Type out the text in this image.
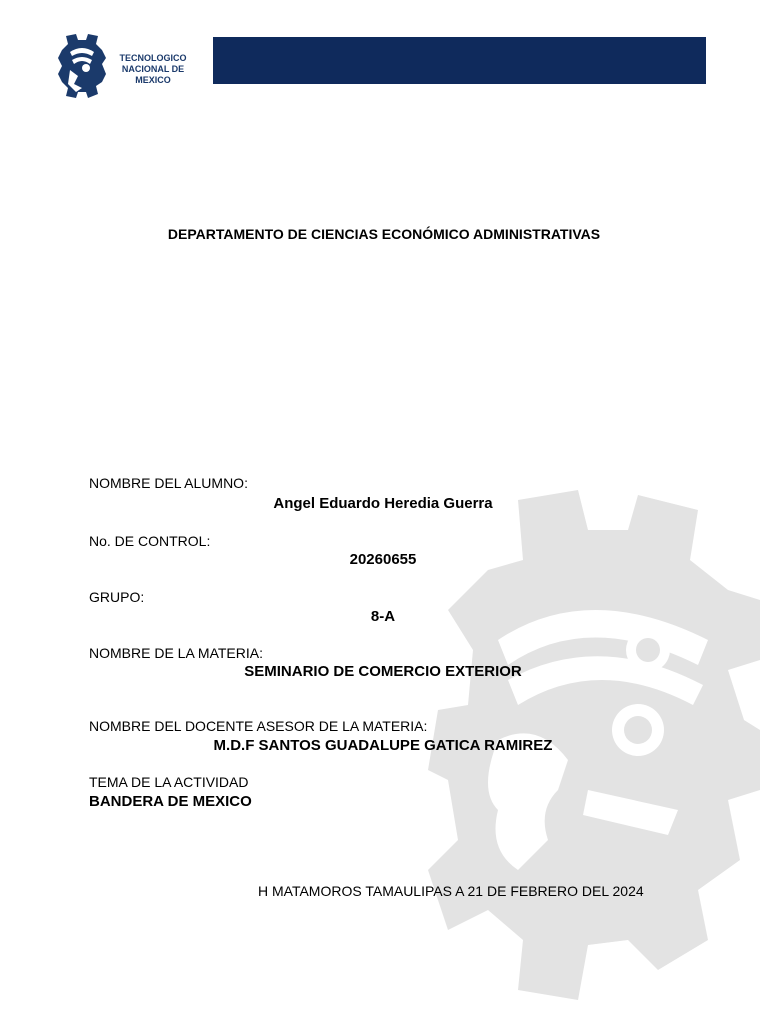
TECNOLOGICO
NACIONAL DE MEXICO
DEPARTAMENTO DE CIENCIAS ECONÓMICO ADMINISTRATIVAS
NOMBRE DEL ALUMNO:
Angel Eduardo Heredia Guerra
No. DE CONTROL:
20260655
GRUPO:
8-A
NOMBRE DE LA MATERIA:
SEMINARIO DE COMERCIO EXTERIOR
NOMBRE DEL DOCENTE ASESOR DE LA MATERIA:
M.D.F SANTOS GUADALUPE GATICA RAMIREZ
TEMA DE LA ACTIVIDAD
BANDERA DE MEXICO
H MATAMOROS TAMAULIPAS A 21 DE FEBRERO DEL 2024
